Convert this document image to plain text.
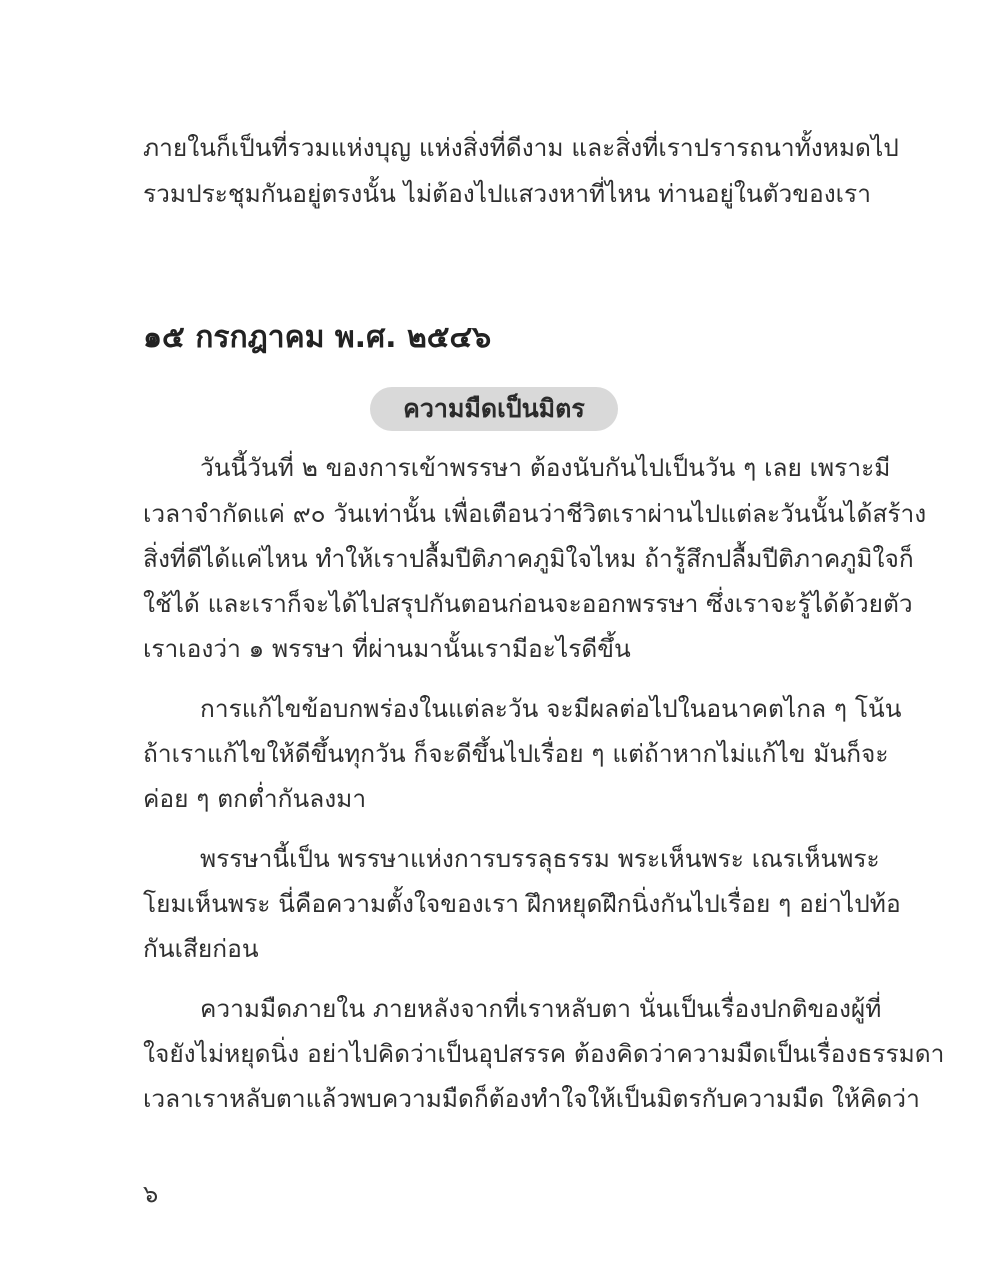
ภายในก็เป็นที่รวมแห่งบุญ แห่งสิ่งที่ดีงาม และสิ่งที่เราปรารถนาทั้งหมดไป
รวมประชุมกันอยู่ตรงนั้น ไม่ต้องไปแสวงหาที่ไหน ท่านอยู่ในตัวของเรา
๑๕ กรกฎาคม พ.ศ. ๒๕๔๖
ความมืดเป็นมิตร
วันนี้วันที่ ๒ ของการเข้าพรรษา ต้องนับกันไปเป็นวัน ๆ เลย เพราะมี
เวลาจำกัดแค่ ๙๐ วันเท่านั้น เพื่อเตือนว่าชีวิตเราผ่านไปแต่ละวันนั้นได้สร้าง
สิ่งที่ดีได้แค่ไหน ทำให้เราปลื้มปีติภาคภูมิใจไหม ถ้ารู้สึกปลื้มปีติภาคภูมิใจก็
ใช้ได้ และเราก็จะได้ไปสรุปกันตอนก่อนจะออกพรรษา ซึ่งเราจะรู้ได้ด้วยตัว
เราเองว่า ๑ พรรษา ที่ผ่านมานั้นเรามีอะไรดีขึ้น
การแก้ไขข้อบกพร่องในแต่ละวัน จะมีผลต่อไปในอนาคตไกล ๆ โน้น
ถ้าเราแก้ไขให้ดีขึ้นทุกวัน ก็จะดีขึ้นไปเรื่อย ๆ แต่ถ้าหากไม่แก้ไข มันก็จะ
ค่อย ๆ ตกต่ำกันลงมา
พรรษานี้เป็น พรรษาแห่งการบรรลุธรรม พระเห็นพระ เณรเห็นพระ
โยมเห็นพระ นี่คือความตั้งใจของเรา ฝึกหยุดฝึกนิ่งกันไปเรื่อย ๆ อย่าไปท้อ
กันเสียก่อน
ความมืดภายใน ภายหลังจากที่เราหลับตา นั่นเป็นเรื่องปกติของผู้ที่
ใจยังไม่หยุดนิ่ง อย่าไปคิดว่าเป็นอุปสรรค ต้องคิดว่าความมืดเป็นเรื่องธรรมดา
เวลาเราหลับตาแล้วพบความมืดก็ต้องทำใจให้เป็นมิตรกับความมืด ให้คิดว่า
๖
